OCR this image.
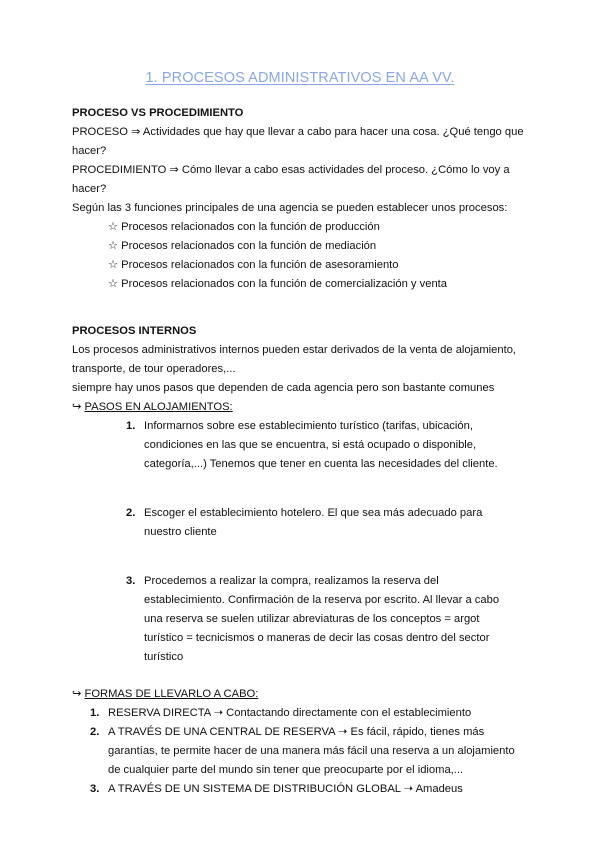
1. PROCESOS ADMINISTRATIVOS EN AA VV.

PROCESO VS PROCEDIMIENTO

PROCESO ⇒ Actividades que hay que llevar a cabo para hacer una cosa. ¿Qué tengo que hacer?

PROCEDIMIENTO ⇒ Cómo llevar a cabo esas actividades del proceso. ¿Cómo lo voy a hacer?

Según las 3 funciones principales de una agencia se pueden establecer unos procesos:

☆ Procesos relacionados con la función de producción
☆ Procesos relacionados con la función de mediación
☆ Procesos relacionados con la función de asesoramiento
☆ Procesos relacionados con la función de comercialización y venta

PROCESOS INTERNOS

Los procesos administrativos internos pueden estar derivados de la venta de alojamiento, transporte, de tour operadores,...

siempre hay unos pasos que dependen de cada agencia pero son bastante comunes

↪ PASOS EN ALOJAMIENTOS:

1. Informarnos sobre ese establecimiento turístico (tarifas, ubicación, condiciones en las que se encuentra, si está ocupado o disponible, categoría,...) Tenemos que tener en cuenta las necesidades del cliente.
2. Escoger el establecimiento hotelero. El que sea más adecuado para nuestro cliente
3. Procedemos a realizar la compra, realizamos la reserva del establecimiento. Confirmación de la reserva por escrito. Al llevar a cabo una reserva se suelen utilizar abreviaturas de los conceptos = argot turístico = tecnicismos o maneras de decir las cosas dentro del sector turístico

↪ FORMAS DE LLEVARLO A CABO:

1. RESERVA DIRECTA ➝ Contactando directamente con el establecimiento
2. A TRAVÉS DE UNA CENTRAL DE RESERVA ➝ Es fácil, rápido, tienes más garantías, te permite hacer de una manera más fácil una reserva a un alojamiento de cualquier parte del mundo sin tener que preocuparte por el idioma,...
3. A TRAVÉS DE UN SISTEMA DE DISTRIBUCIÓN GLOBAL ➝ Amadeus
